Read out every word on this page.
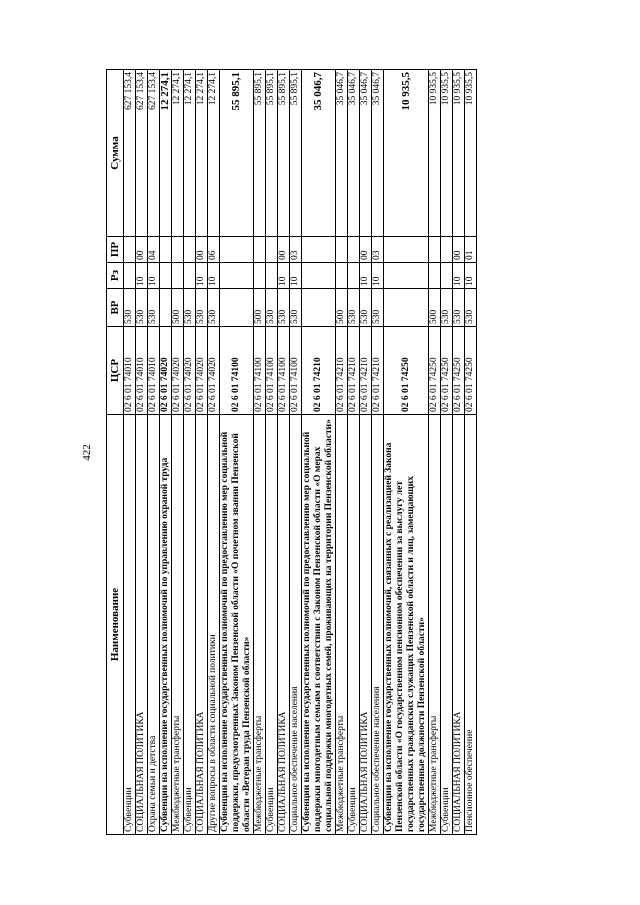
422
Наименование	ЦСР	ВР	Рз	ПР	Сумма
Субвенции	02 6 01 74010	530			627 153,4
СОЦИАЛЬНАЯ ПОЛИТИКА	02 6 01 74010	530	10	00	627 153,4
Охрана семьи и детства	02 6 01 74010	530	10	04	627 153,4
Субвенции на исполнение государственных полномочий по управлению охраной труда	02 6 01 74020				12 274,1
Межбюджетные трансферты	02 6 01 74020	500			12 274,1
Субвенции	02 6 01 74020	530			12 274,1
СОЦИАЛЬНАЯ ПОЛИТИКА	02 6 01 74020	530	10	00	12 274,1
Другие вопросы в области социальной политики	02 6 01 74020	530	10	06	12 274,1
Субвенции на исполнение государственных полномочий по предоставлению мер социальной поддержки, предусмотренных Законом Пензенской области «О почетном звании Пензенской области «Ветеран труда Пензенской области»	02 6 01 74100				55 895,1
Межбюджетные трансферты	02 6 01 74100	500			55 895,1
Субвенции	02 6 01 74100	530			55 895,1
СОЦИАЛЬНАЯ ПОЛИТИКА	02 6 01 74100	530	10	00	55 895,1
Социальное обеспечение населения	02 6 01 74100	530	10	03	55 895,1
Субвенции на исполнение государственных полномочий по предоставлению мер социальной поддержки многодетным семьям в соответствии с Законом Пензенской области «О мерах социальной поддержки многодетных семей, проживающих на территории Пензенской области»	02 6 01 74210				35 046,7
Межбюджетные трансферты	02 6 01 74210	500			35 046,7
Субвенции	02 6 01 74210	530			35 046,7
СОЦИАЛЬНАЯ ПОЛИТИКА	02 6 01 74210	530	10	00	35 046,7
Социальное обеспечение населения	02 6 01 74210	530	10	03	35 046,7
Субвенции на исполнение государственных полномочий, связанных с реализацией Закона Пензенской области «О государственном пенсионном обеспечении за выслугу лет государственных гражданских служащих Пензенской области и лиц, замещающих государственные должности Пензенской области»	02 6 01 74250				10 935,5
Межбюджетные трансферты	02 6 01 74250	500			10 935,5
Субвенции	02 6 01 74250	530			10 935,5
СОЦИАЛЬНАЯ ПОЛИТИКА	02 6 01 74250	530	10	00	10 935,5
Пенсионное обеспечение	02 6 01 74250	530	10	01	10 935,5
